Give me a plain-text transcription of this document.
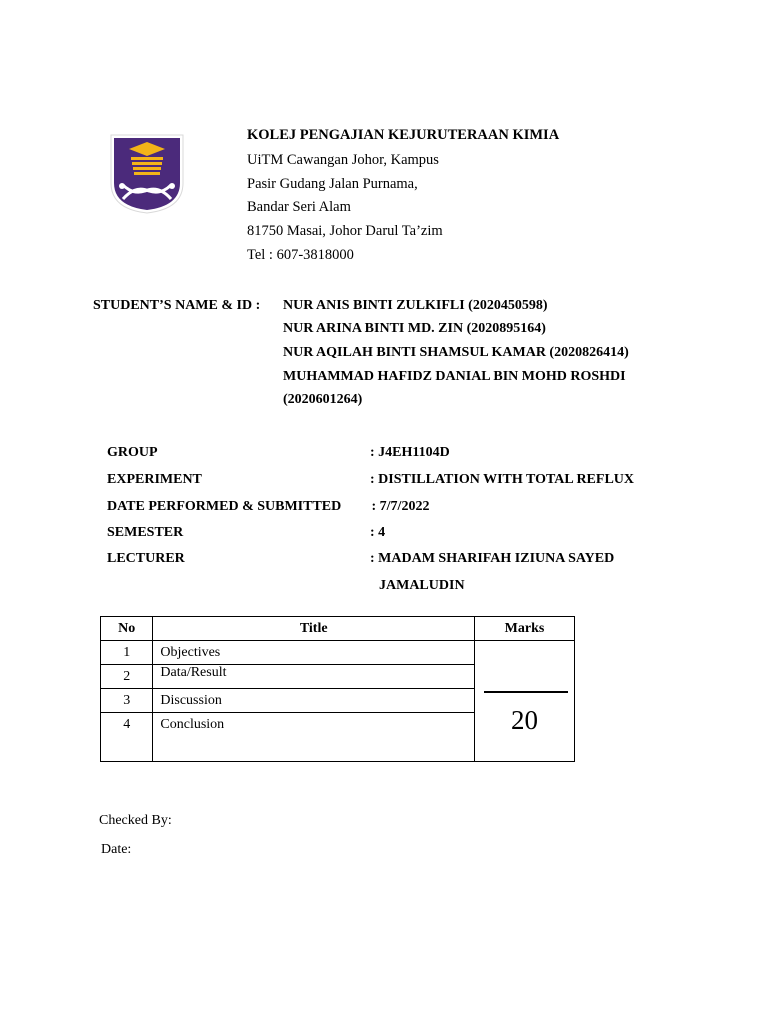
KOLEJ PENGAJIAN KEJURUTERAAN KIMIA
UiTM Cawangan Johor, Kampus
Pasir Gudang Jalan Purnama,
Bandar Seri Alam
81750 Masai, Johor Darul Ta’zim
Tel : 607-3818000
STUDENT’S NAME & ID : NUR ANIS BINTI ZULKIFLI (2020450598)
NUR ARINA BINTI MD. ZIN (2020895164)
NUR AQILAH BINTI SHAMSUL KAMAR (2020826414)
MUHAMMAD HAFIDZ DANIAL BIN MOHD ROSHDI
(2020601264)
GROUP	: J4EH1104D
EXPERIMENT	: DISTILLATION WITH TOTAL REFLUX
DATE PERFORMED & SUBMITTED : 7/7/2022
SEMESTER	: 4
LECTURER	: MADAM SHARIFAH IZIUNA SAYED
JAMALUDIN
No	Title	Marks
1	Objectives	20

2	Data/Result	
3	Discussion	
4	Conclusion	
Checked By:
Date:
